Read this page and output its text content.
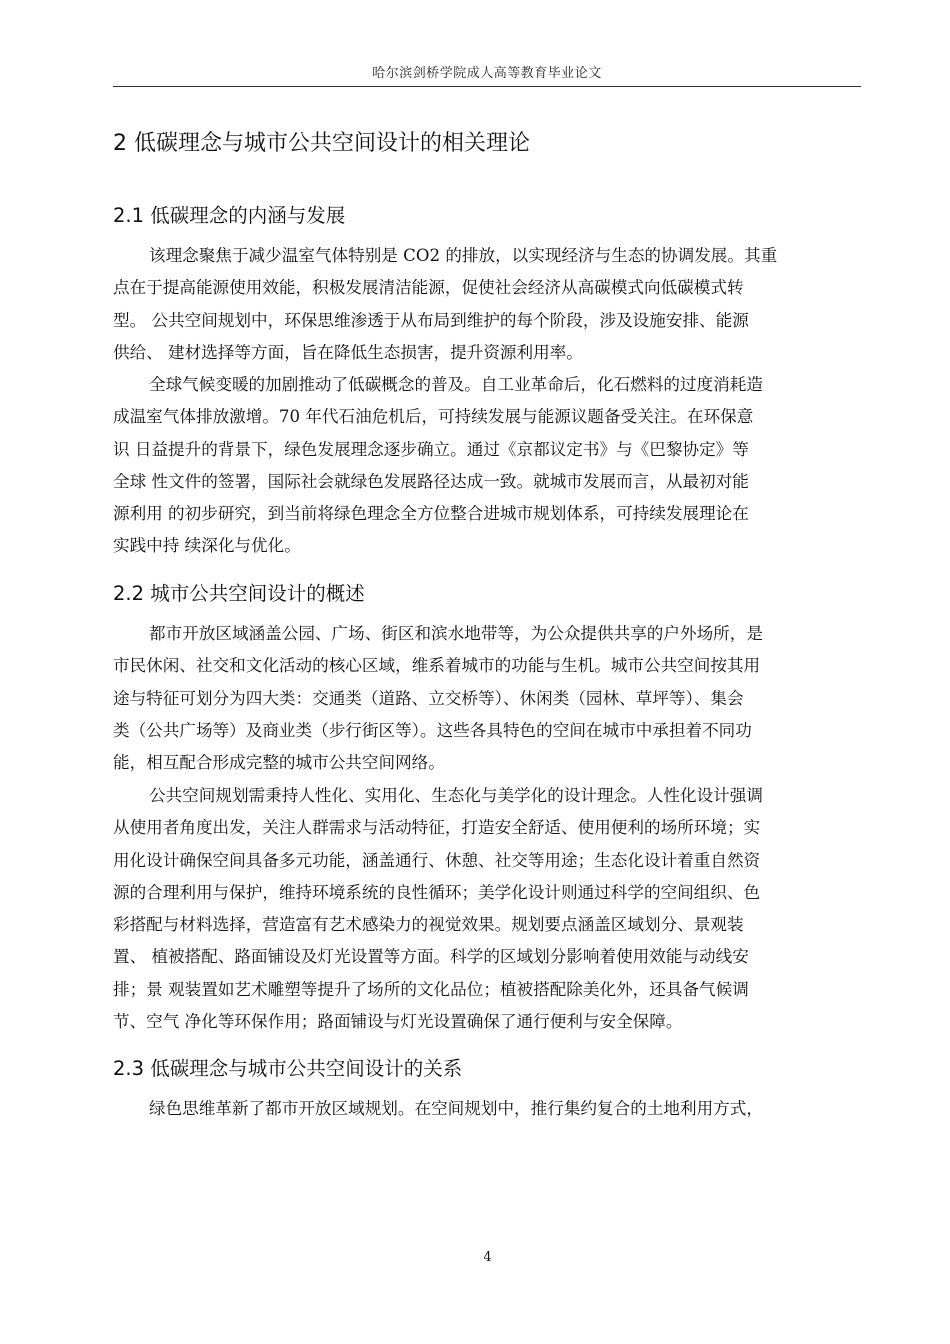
哈尔滨剑桥学院成人高等教育毕业论文
2 低碳理念与城市公共空间设计的相关理论
2.1 低碳理念的内涵与发展
该理念聚焦于减少温室气体特别是 CO2 的排放，以实现经济与生态的协调发展。其重
点在于提高能源使用效能，积极发展清洁能源，促使社会经济从高碳模式向低碳模式转
型。 公共空间规划中，环保思维渗透于从布局到维护的每个阶段，涉及设施安排、能源
供给、 建材选择等方面，旨在降低生态损害，提升资源利用率。
全球气候变暖的加剧推动了低碳概念的普及。自工业革命后，化石燃料的过度消耗造
成温室气体排放激增。70 年代石油危机后，可持续发展与能源议题备受关注。在环保意
识 日益提升的背景下，绿色发展理念逐步确立。通过《京都议定书》与《巴黎协定》等
全球 性文件的签署，国际社会就绿色发展路径达成一致。就城市发展而言，从最初对能
源利用 的初步研究，到当前将绿色理念全方位整合进城市规划体系，可持续发展理论在
实践中持 续深化与优化。
2.2 城市公共空间设计的概述
都市开放区域涵盖公园、广场、街区和滨水地带等，为公众提供共享的户外场所，是
市民休闲、社交和文化活动的核心区域，维系着城市的功能与生机。城市公共空间按其用
途与特征可划分为四大类：交通类（道路、立交桥等）、休闲类（园林、草坪等）、集会
类（公共广场等）及商业类（步行街区等）。这些各具特色的空间在城市中承担着不同功
能，相互配合形成完整的城市公共空间网络。
公共空间规划需秉持人性化、实用化、生态化与美学化的设计理念。人性化设计强调
从使用者角度出发，关注人群需求与活动特征，打造安全舒适、使用便利的场所环境；实
用化设计确保空间具备多元功能，涵盖通行、休憩、社交等用途；生态化设计着重自然资
源的合理利用与保护，维持环境系统的良性循环；美学化设计则通过科学的空间组织、色
彩搭配与材料选择，营造富有艺术感染力的视觉效果。规划要点涵盖区域划分、景观装
置、 植被搭配、路面铺设及灯光设置等方面。科学的区域划分影响着使用效能与动线安
排；景 观装置如艺术雕塑等提升了场所的文化品位；植被搭配除美化外，还具备气候调
节、空气 净化等环保作用；路面铺设与灯光设置确保了通行便利与安全保障。
2.3 低碳理念与城市公共空间设计的关系
绿色思维革新了都市开放区域规划。在空间规划中，推行集约复合的土地利用方式，
4
